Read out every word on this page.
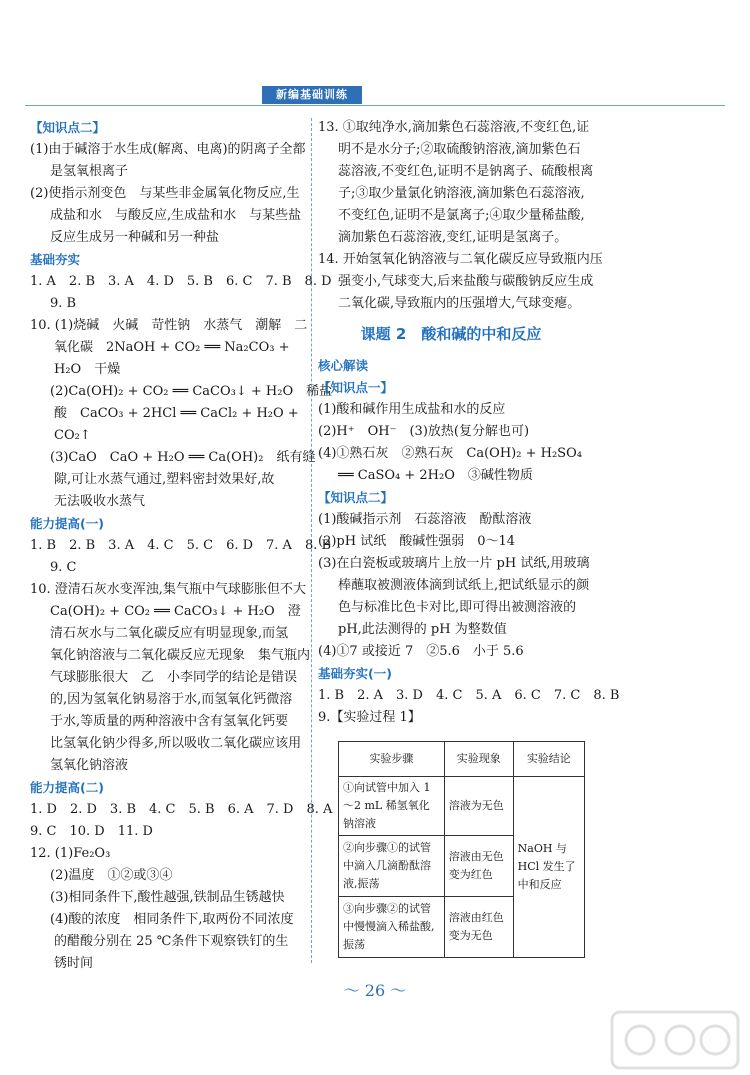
新编基础训练

【知识点二】

(1)由于碱溶于水生成(解离、电离)的阴离子全都

是氢氧根离子

(2)使指示剂变色　与某些非金属氧化物反应,生

成盐和水　与酸反应,生成盐和水　与某些盐

反应生成另一种碱和另一种盐

基础夯实

1. A　2. B　3. A　4. D　5. B　6. C　7. B　8. D

9. B

10. (1)烧碱　火碱　苛性钠　水蒸气　潮解　二

氧化碳　2NaOH + CO₂ ══ Na₂CO₃ +

H₂O　干燥

(2)Ca(OH)₂ + CO₂ ══ CaCO₃↓ + H₂O　稀盐

酸　CaCO₃ + 2HCl ══ CaCl₂ + H₂O +

CO₂↑

(3)CaO　CaO + H₂O ══ Ca(OH)₂　纸有缝

隙,可让水蒸气通过,塑料密封效果好,故

无法吸收水蒸气

能力提高(一)

1. B　2. B　3. A　4. C　5. C　6. D　7. A　8. B

9. C

10. 澄清石灰水变浑浊,集气瓶中气球膨胀但不大

Ca(OH)₂ + CO₂ ══ CaCO₃↓ + H₂O　澄

清石灰水与二氧化碳反应有明显现象,而氢

氧化钠溶液与二氧化碳反应无现象　集气瓶内

气球膨胀很大　乙　小李同学的结论是错误

的,因为氢氧化钠易溶于水,而氢氧化钙微溶

于水,等质量的两种溶液中含有氢氧化钙要

比氢氧化钠少得多,所以吸收二氧化碳应该用

氢氧化钠溶液

能力提高(二)

1. D　2. D　3. B　4. C　5. B　6. A　7. D　8. A

9. C　10. D　11. D

12. (1)Fe₂O₃

(2)温度　①②或③④

(3)相同条件下,酸性越强,铁制品生锈越快

(4)酸的浓度　相同条件下,取两份不同浓度

的醋酸分别在 25 ℃条件下观察铁钉的生

锈时间

13. ①取纯净水,滴加紫色石蕊溶液,不变红色,证

明不是水分子;②取硫酸钠溶液,滴加紫色石

蕊溶液,不变红色,证明不是钠离子、硫酸根离

子;③取少量氯化钠溶液,滴加紫色石蕊溶液,

不变红色,证明不是氯离子;④取少量稀盐酸,

滴加紫色石蕊溶液,变红,证明是氢离子。

14. 开始氢氧化钠溶液与二氧化碳反应导致瓶内压

强变小,气球变大,后来盐酸与碳酸钠反应生成

二氧化碳,导致瓶内的压强增大,气球变瘪。

课题 2　酸和碱的中和反应

核心解读

【知识点一】

(1)酸和碱作用生成盐和水的反应

(2)H⁺　OH⁻　(3)放热(复分解也可)

(4)①熟石灰　②熟石灰　Ca(OH)₂ + H₂SO₄

══ CaSO₄ + 2H₂O　③碱性物质

【知识点二】

(1)酸碱指示剂　石蕊溶液　酚酞溶液

(2)pH 试纸　酸碱性强弱　0～14

(3)在白瓷板或玻璃片上放一片 pH 试纸,用玻璃

棒蘸取被测液体滴到试纸上,把试纸显示的颜

色与标准比色卡对比,即可得出被测溶液的

pH,此法测得的 pH 为整数值

(4)①7 或接近 7　②5.6　小于 5.6

基础夯实(一)

1. B　2. A　3. D　4. C　5. A　6. C　7. C　8. B

9.【实验过程 1】

实验步骤	实验现象	实验结论
①向试管中加入 1～2 mL 稀氢氧化钠溶液	溶液为无色	NaOH 与 HCl 发生了中和反应
②向步骤①的试管中滴入几滴酚酞溶液,振荡	溶液由无色变为红色	
③向步骤②的试管中慢慢滴入稀盐酸,振荡	溶液由红色变为无色	
～ 26 ～
